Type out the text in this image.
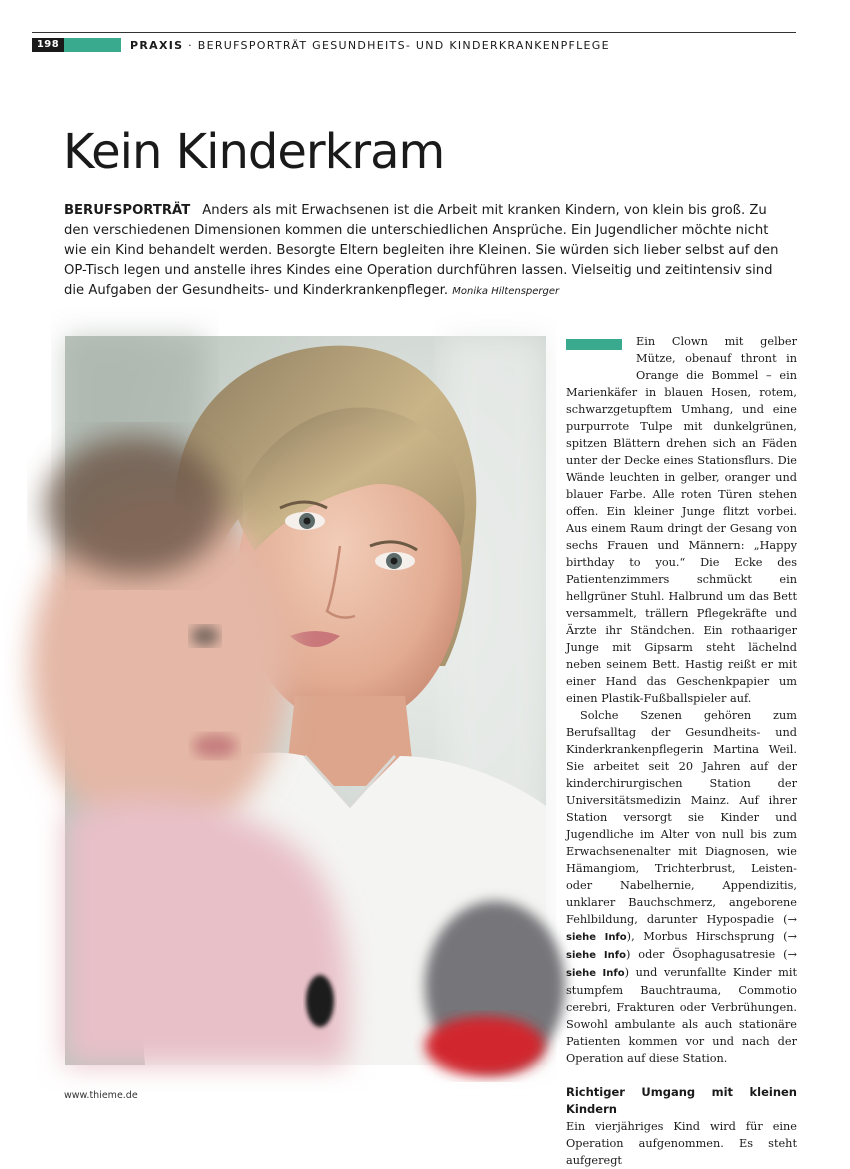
198	PRAXIS · BERUFSPORTRÄT GESUNDHEITS- UND KINDERKRANKENPFLEGE
Kein Kinderkram
BERUFSPORTRÄT Anders als mit Erwachsenen ist die Arbeit mit kranken Kindern, von klein bis groß. Zu den verschiedenen Dimensionen kommen die unterschiedlichen Ansprüche. Ein Jugendlicher möchte nicht wie ein Kind behandelt werden. Besorgte Eltern begleiten ihre Kleinen. Sie würden sich lieber selbst auf den OP-Tisch legen und anstelle ihres Kindes eine Operation durchführen lassen. Vielseitig und zeitintensiv sind die Aufgaben der Gesundheits- und Kinderkrankenpfleger. Monika Hiltensperger

Ein Clown mit gelber Mütze, obenauf thront in Orange die Bommel – ein Marienkäfer in blauen Hosen, rotem, schwarzgetupftem Umhang, und eine purpurrote Tulpe mit dunkelgrünen, spitzen Blättern drehen sich an Fäden unter der Decke eines Stationsflurs. Die Wände leuchten in gelber, oranger und blauer Farbe. Alle roten Türen stehen offen. Ein kleiner Junge flitzt vorbei. Aus einem Raum dringt der Gesang von sechs Frauen und Männern: „Happy birthday to you.“ Die Ecke des Patientenzimmers schmückt ein hellgrüner Stuhl. Halbrund um das Bett versammelt, trällern Pflegekräfte und Ärzte ihr Ständchen. Ein rothaariger Junge mit Gipsarm steht lächelnd neben seinem Bett. Hastig reißt er mit einer Hand das Geschenkpapier um einen Plastik-Fußballspieler auf.

Solche Szenen gehören zum Berufsalltag der Gesundheits- und Kinderkrankenpflegerin Martina Weil. Sie arbeitet seit 20 Jahren auf der kinderchirurgischen Station der Universitätsmedizin Mainz. Auf ihrer Station versorgt sie Kinder und Jugendliche im Alter von null bis zum Erwachsenenalter mit Diagnosen, wie Hämangiom, Trichterbrust, Leisten- oder Nabelhernie, Appendizitis, unklarer Bauchschmerz, angeborene Fehlbildung, darunter Hypospadie (→ siehe Info), Morbus Hirschsprung (→ siehe Info) oder Ösophagusatresie (→ siehe Info) und verunfallte Kinder mit stumpfem Bauchtrauma, Commotio cerebri, Frakturen oder Verbrühungen. Sowohl ambulante als auch stationäre Patienten kommen vor und nach der Operation auf diese Station.

Richtiger Umgang mit kleinen Kindern

Ein vierjähriges Kind wird für eine Operation aufgenommen. Es steht aufgeregt

www.thieme.de
